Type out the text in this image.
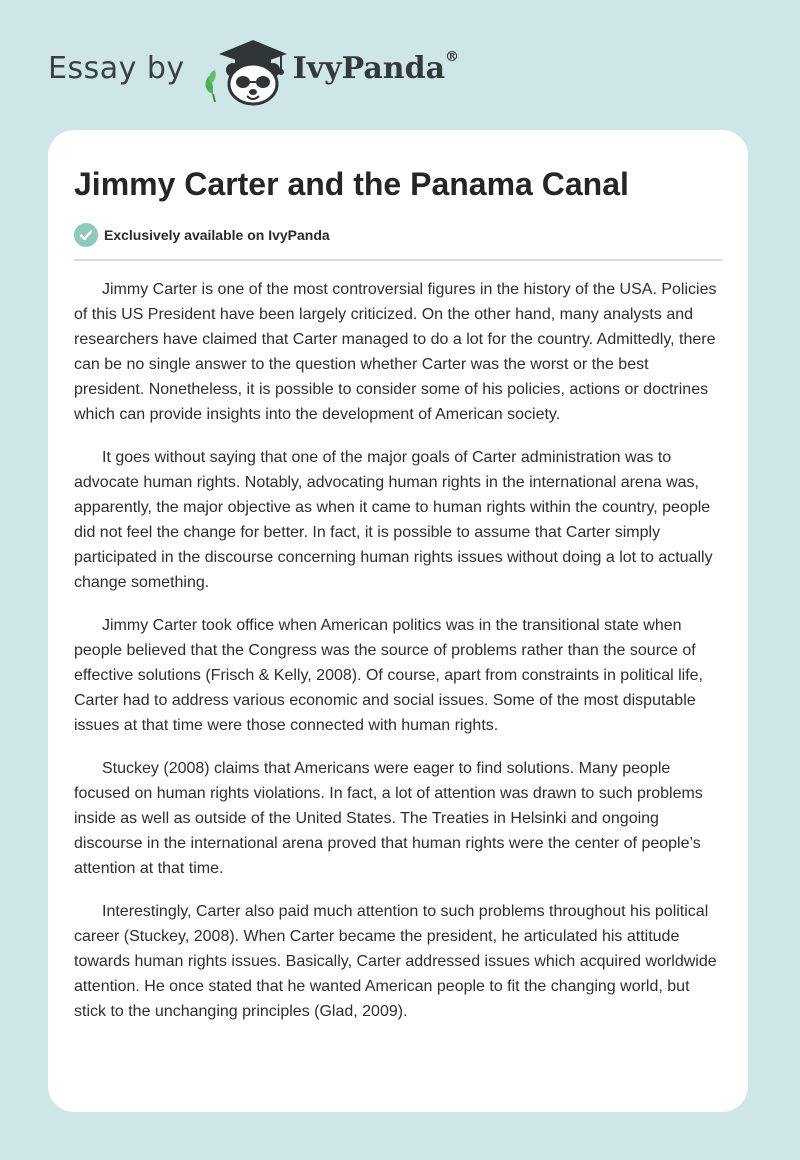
Essay by	IvyPanda®
Jimmy Carter and the Panama Canal
Exclusively available on IvyPanda

Jimmy Carter is one of the most controversial figures in the history of the USA. Policies of this US President have been largely criticized. On the other hand, many analysts and researchers have claimed that Carter managed to do a lot for the country. Admittedly, there can be no single answer to the question whether Carter was the worst or the best president. Nonetheless, it is possible to consider some of his policies, actions or doctrines which can provide insights into the development of American society.

It goes without saying that one of the major goals of Carter administration was to advocate human rights. Notably, advocating human rights in the international arena was, apparently, the major objective as when it came to human rights within the country, people did not feel the change for better. In fact, it is possible to assume that Carter simply participated in the discourse concerning human rights issues without doing a lot to actually change something.

Jimmy Carter took office when American politics was in the transitional state when people believed that the Congress was the source of problems rather than the source of effective solutions (Frisch & Kelly, 2008). Of course, apart from constraints in political life, Carter had to address various economic and social issues. Some of the most disputable issues at that time were those connected with human rights.

Stuckey (2008) claims that Americans were eager to find solutions. Many people focused on human rights violations. In fact, a lot of attention was drawn to such problems inside as well as outside of the United States. The Treaties in Helsinki and ongoing discourse in the international arena proved that human rights were the center of people’s attention at that time.

Interestingly, Carter also paid much attention to such problems throughout his political career (Stuckey, 2008). When Carter became the president, he articulated his attitude towards human rights issues. Basically, Carter addressed issues which acquired worldwide attention. He once stated that he wanted American people to fit the changing world, but stick to the unchanging principles (Glad, 2009).
